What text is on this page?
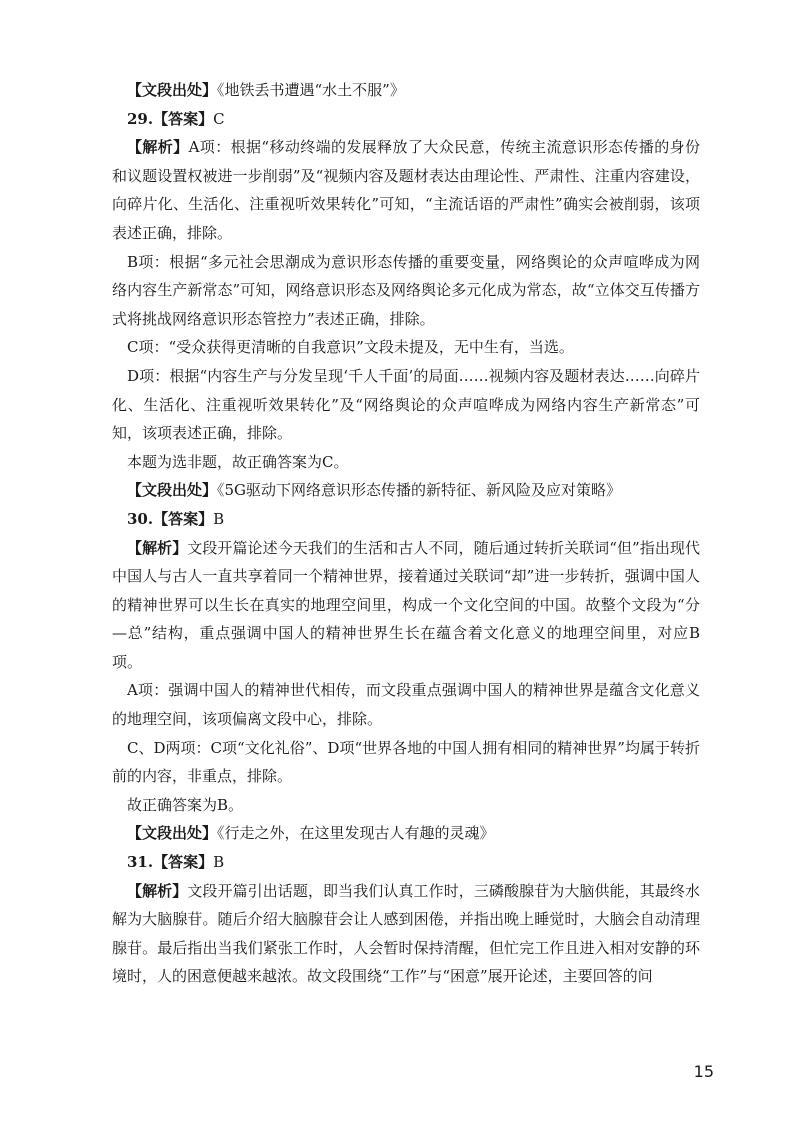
【文段出处】《地铁丢书遭遇“水土不服”》

29.【答案】C

【解析】A项：根据“移动终端的发展释放了大众民意，传统主流意识形态传播的身份和议题设置权被进一步削弱”及“视频内容及题材表达由理论性、严肃性、注重内容建设，向碎片化、生活化、注重视听效果转化”可知，“主流话语的严肃性”确实会被削弱，该项表述正确，排除。

B项：根据“多元社会思潮成为意识形态传播的重要变量，网络舆论的众声喧哗成为网络内容生产新常态”可知，网络意识形态及网络舆论多元化成为常态，故“立体交互传播方式将挑战网络意识形态管控力”表述正确，排除。

C项：“受众获得更清晰的自我意识”文段未提及，无中生有，当选。

D项：根据“内容生产与分发呈现‘千人千面’的局面……视频内容及题材表达……向碎片化、生活化、注重视听效果转化”及“网络舆论的众声喧哗成为网络内容生产新常态”可知，该项表述正确，排除。

本题为选非题，故正确答案为C。

【文段出处】《5G驱动下网络意识形态传播的新特征、新风险及应对策略》

30.【答案】B

【解析】文段开篇论述今天我们的生活和古人不同，随后通过转折关联词“但”指出现代中国人与古人一直共享着同一个精神世界，接着通过关联词“却”进一步转折，强调中国人的精神世界可以生长在真实的地理空间里，构成一个文化空间的中国。故整个文段为“分—总”结构，重点强调中国人的精神世界生长在蕴含着文化意义的地理空间里，对应B项。

A项：强调中国人的精神世代相传，而文段重点强调中国人的精神世界是蕴含文化意义的地理空间，该项偏离文段中心，排除。

C、D两项：C项“文化礼俗”、D项“世界各地的中国人拥有相同的精神世界”均属于转折前的内容，非重点，排除。

故正确答案为B。

【文段出处】《行走之外，在这里发现古人有趣的灵魂》

31.【答案】B

【解析】文段开篇引出话题，即当我们认真工作时，三磷酸腺苷为大脑供能，其最终水解为大脑腺苷。随后介绍大脑腺苷会让人感到困倦，并指出晚上睡觉时，大脑会自动清理腺苷。最后指出当我们紧张工作时，人会暂时保持清醒，但忙完工作且进入相对安静的环境时，人的困意便越来越浓。故文段围绕“工作”与“困意”展开论述，主要回答的问

15
